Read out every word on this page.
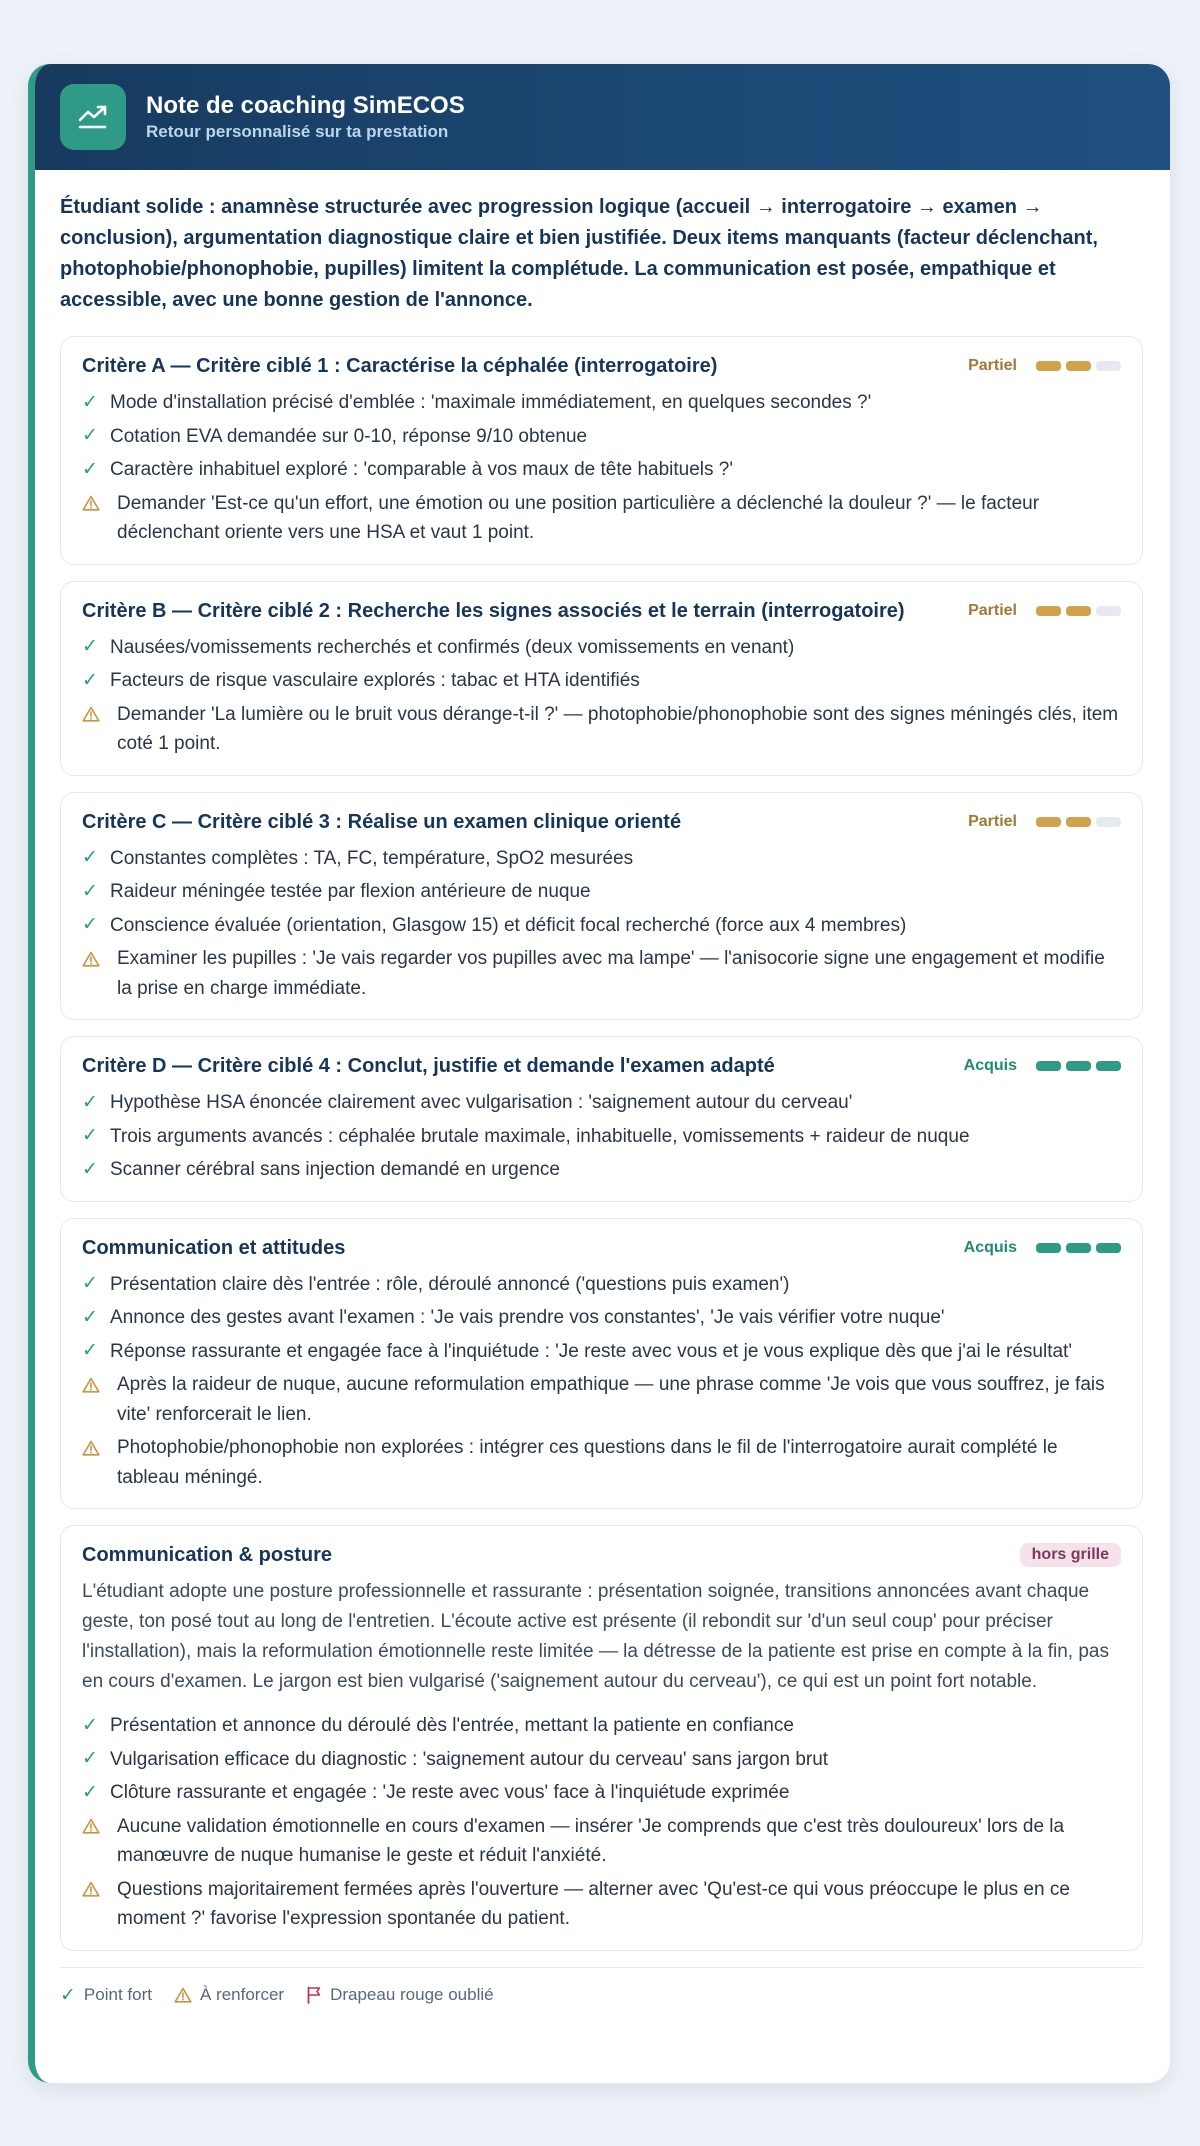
Note de coaching SimECOS
Retour personnalisé sur ta prestation
Étudiant solide : anamnèse structurée avec progression logique (accueil → interrogatoire → examen → conclusion), argumentation diagnostique claire et bien justifiée. Deux items manquants (facteur déclenchant, photophobie/phonophobie, pupilles) limitent la complétude. La communication est posée, empathique et accessible, avec une bonne gestion de l'annonce.
Critère A — Critère ciblé 1 : Caractérise la céphalée (interrogatoire)	Partiel
✓ Mode d'installation précisé d'emblée : 'maximale immédiatement, en quelques secondes ?'
✓ Cotation EVA demandée sur 0-10, réponse 9/10 obtenue
✓ Caractère inhabituel exploré : 'comparable à vos maux de tête habituels ?'
Demander 'Est-ce qu'un effort, une émotion ou une position particulière a déclenché la douleur ?' — le facteur déclenchant oriente vers une HSA et vaut 1 point.
Critère B — Critère ciblé 2 : Recherche les signes associés et le terrain (interrogatoire)	Partiel
✓ Nausées/vomissements recherchés et confirmés (deux vomissements en venant)
✓ Facteurs de risque vasculaire explorés : tabac et HTA identifiés
Demander 'La lumière ou le bruit vous dérange-t-il ?' — photophobie/phonophobie sont des signes méningés clés, item coté 1 point.
Critère C — Critère ciblé 3 : Réalise un examen clinique orienté	Partiel
✓ Constantes complètes : TA, FC, température, SpO2 mesurées
✓ Raideur méningée testée par flexion antérieure de nuque
✓ Conscience évaluée (orientation, Glasgow 15) et déficit focal recherché (force aux 4 membres)
Examiner les pupilles : 'Je vais regarder vos pupilles avec ma lampe' — l'anisocorie signe une engagement et modifie la prise en charge immédiate.
Critère D — Critère ciblé 4 : Conclut, justifie et demande l'examen adapté	Acquis
✓ Hypothèse HSA énoncée clairement avec vulgarisation : 'saignement autour du cerveau'
✓ Trois arguments avancés : céphalée brutale maximale, inhabituelle, vomissements + raideur de nuque
✓ Scanner cérébral sans injection demandé en urgence
Communication et attitudes	Acquis
✓ Présentation claire dès l'entrée : rôle, déroulé annoncé ('questions puis examen')
✓ Annonce des gestes avant l'examen : 'Je vais prendre vos constantes', 'Je vais vérifier votre nuque'
✓ Réponse rassurante et engagée face à l'inquiétude : 'Je reste avec vous et je vous explique dès que j'ai le résultat'
Après la raideur de nuque, aucune reformulation empathique — une phrase comme 'Je vois que vous souffrez, je fais vite' renforcerait le lien.
Photophobie/phonophobie non explorées : intégrer ces questions dans le fil de l'interrogatoire aurait complété le tableau méningé.
Communication & posture	hors grille
L'étudiant adopte une posture professionnelle et rassurante : présentation soignée, transitions annoncées avant chaque geste, ton posé tout au long de l'entretien. L'écoute active est présente (il rebondit sur 'd'un seul coup' pour préciser l'installation), mais la reformulation émotionnelle reste limitée — la détresse de la patiente est prise en compte à la fin, pas en cours d'examen. Le jargon est bien vulgarisé ('saignement autour du cerveau'), ce qui est un point fort notable.
✓ Présentation et annonce du déroulé dès l'entrée, mettant la patiente en confiance
✓ Vulgarisation efficace du diagnostic : 'saignement autour du cerveau' sans jargon brut
✓ Clôture rassurante et engagée : 'Je reste avec vous' face à l'inquiétude exprimée
Aucune validation émotionnelle en cours d'examen — insérer 'Je comprends que c'est très douloureux' lors de la manœuvre de nuque humanise le geste et réduit l'anxiété.
Questions majoritairement fermées après l'ouverture — alterner avec 'Qu'est-ce qui vous préoccupe le plus en ce moment ?' favorise l'expression spontanée du patient.
✓ Point fort	À renforcer	Drapeau rouge oublié
